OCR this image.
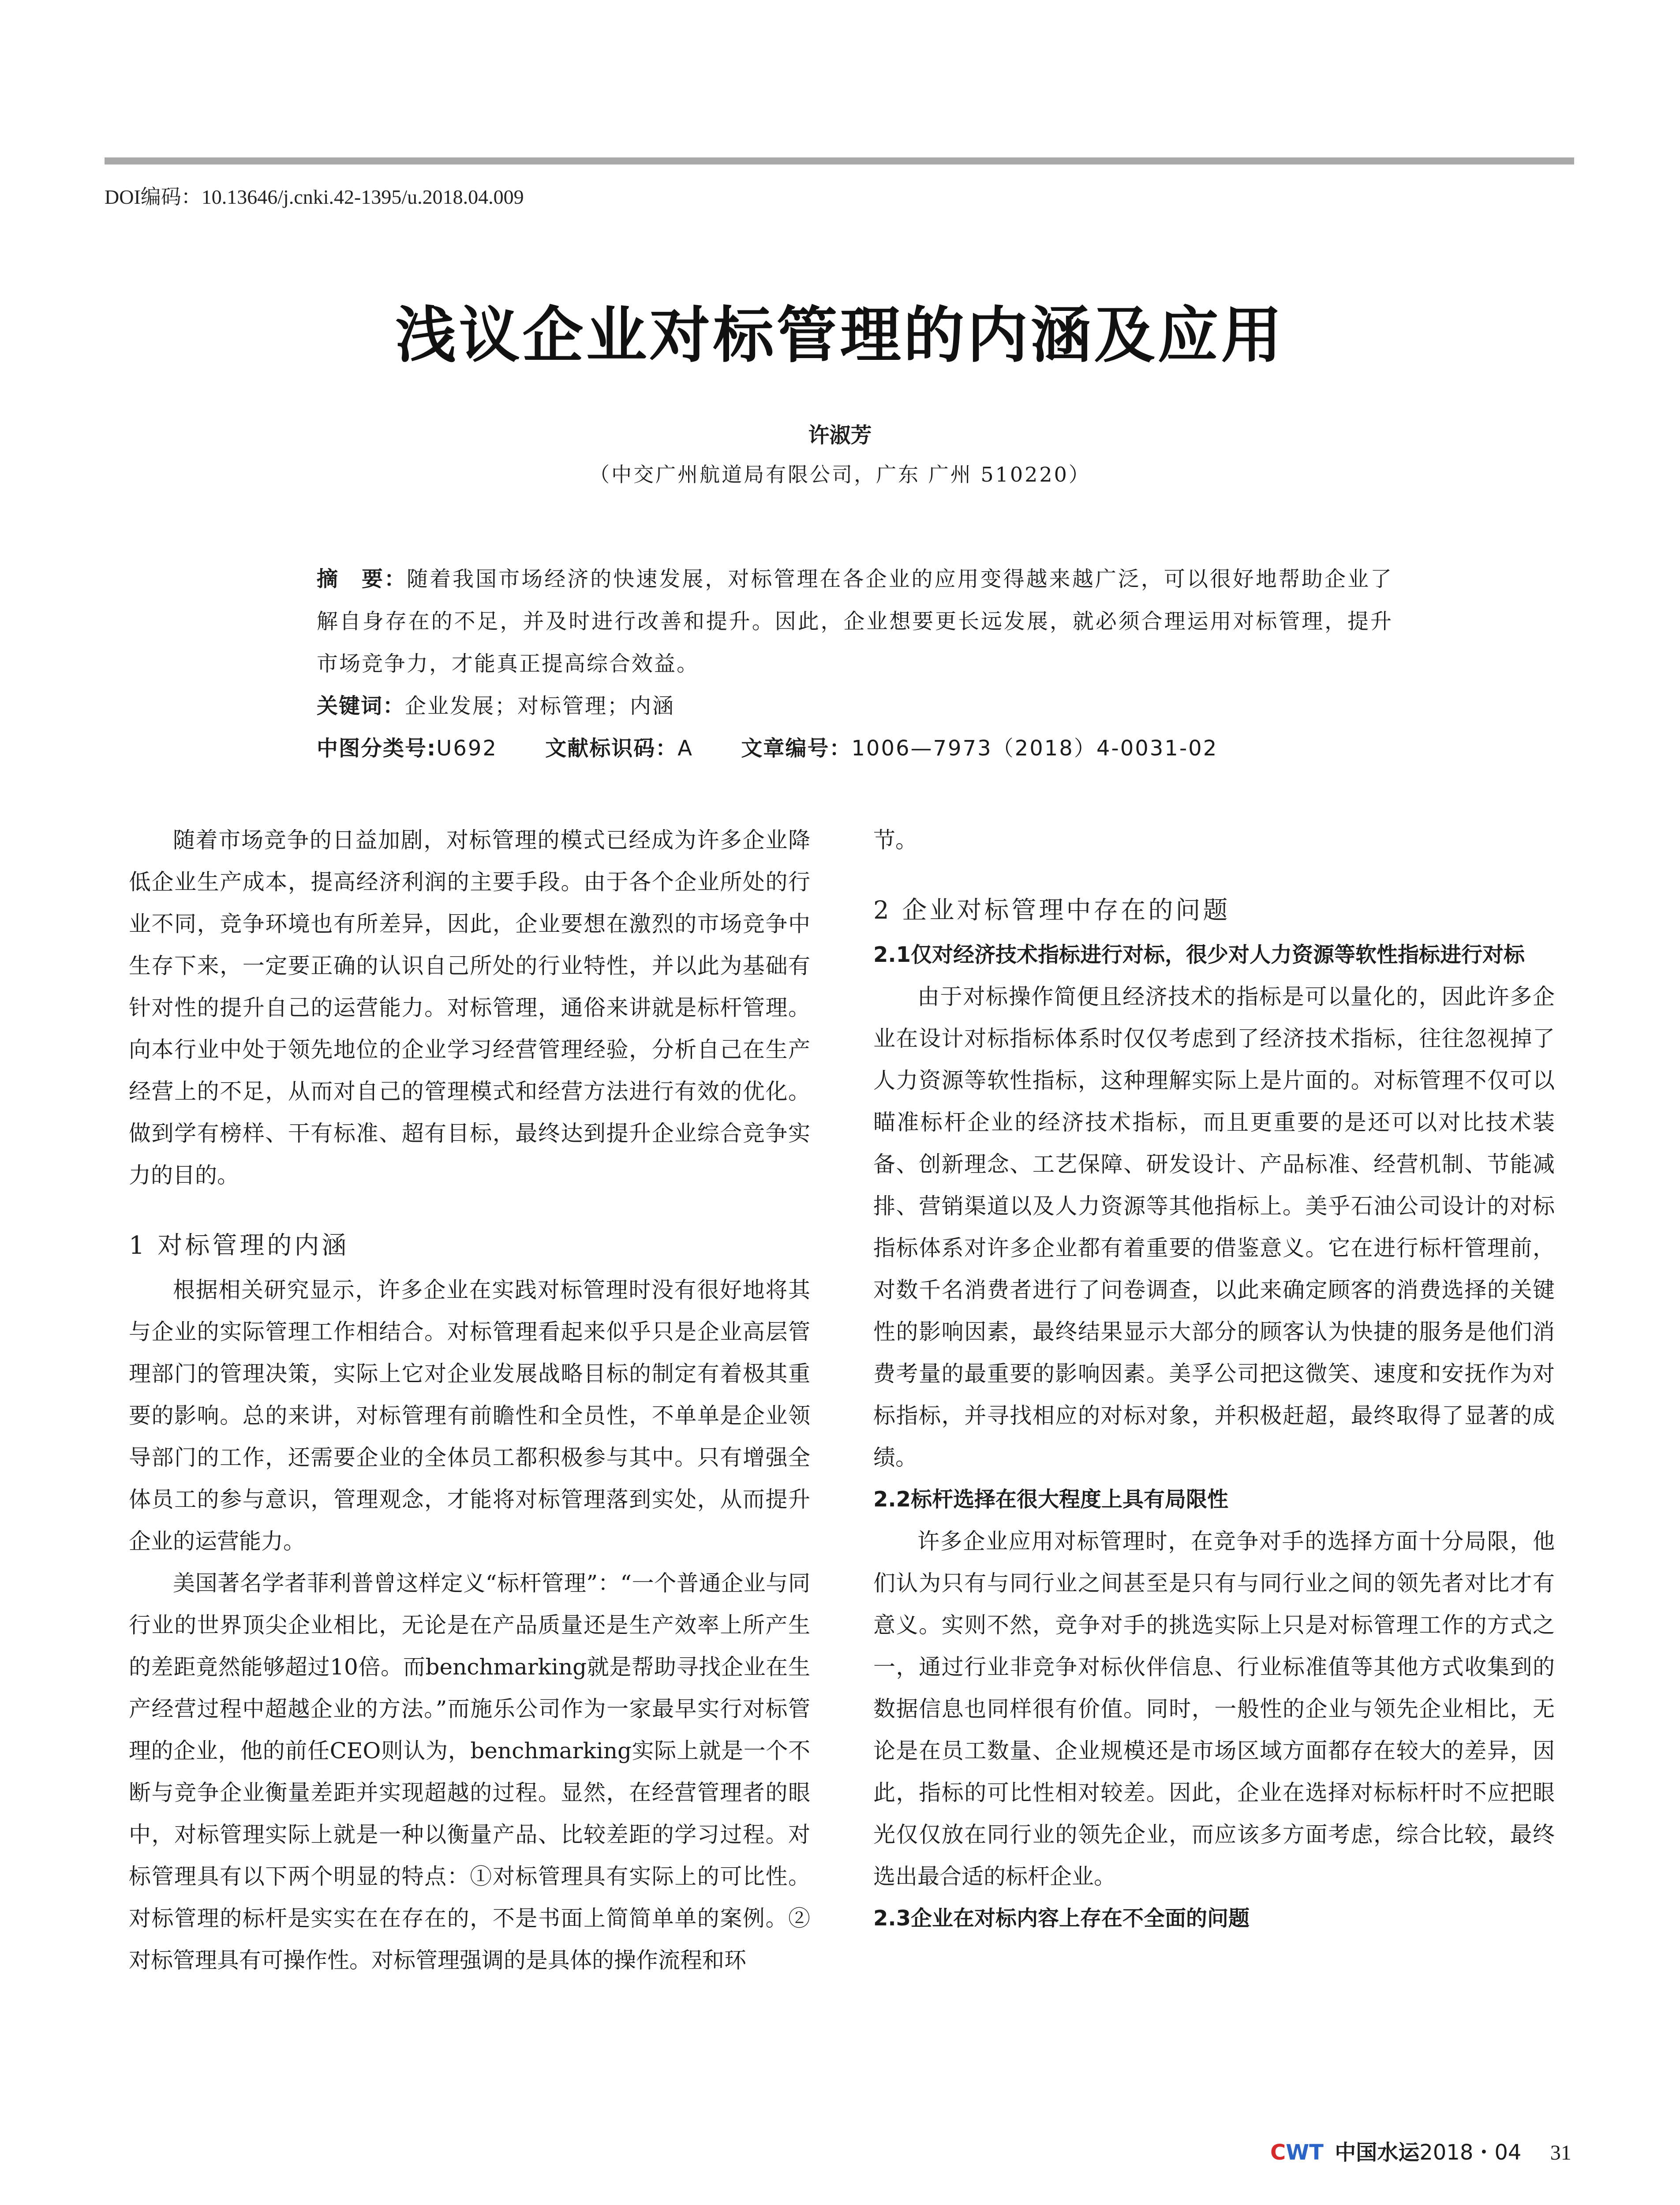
DOI编码：10.13646/j.cnki.42-1395/u.2018.04.009
浅议企业对标管理的内涵及应用
许淑芳
（中交广州航道局有限公司，广东 广州 510220）

摘　要：随着我国市场经济的快速发展，对标管理在各企业的应用变得越来越广泛，可以很好地帮助企业了解自身存在的不足，并及时进行改善和提升。因此，企业想要更长远发展，就必须合理运用对标管理，提升市场竞争力，才能真正提高综合效益。

关键词：企业发展；对标管理；内涵

中图分类号:U692 文献标识码：A 文章编号：1006—7973（2018）4-0031-02

随着市场竞争的日益加剧，对标管理的模式已经成为许多企业降低企业生产成本，提高经济利润的主要手段。由于各个企业所处的行业不同，竞争环境也有所差异，因此，企业要想在激烈的市场竞争中生存下来，一定要正确的认识自己所处的行业特性，并以此为基础有针对性的提升自己的运营能力。对标管理，通俗来讲就是标杆管理。向本行业中处于领先地位的企业学习经营管理经验，分析自己在生产经营上的不足，从而对自己的管理模式和经营方法进行有效的优化。做到学有榜样、干有标准、超有目标，最终达到提升企业综合竞争实力的目的。

1 对标管理的内涵

根据相关研究显示，许多企业在实践对标管理时没有很好地将其与企业的实际管理工作相结合。对标管理看起来似乎只是企业高层管理部门的管理决策，实际上它对企业发展战略目标的制定有着极其重要的影响。总的来讲，对标管理有前瞻性和全员性，不单单是企业领导部门的工作，还需要企业的全体员工都积极参与其中。只有增强全体员工的参与意识，管理观念，才能将对标管理落到实处，从而提升企业的运营能力。

美国著名学者菲利普曾这样定义“标杆管理”：“一个普通企业与同行业的世界顶尖企业相比，无论是在产品质量还是生产效率上所产生的差距竟然能够超过10倍。而benchmarking就是帮助寻找企业在生产经营过程中超越企业的方法。”而施乐公司作为一家最早实行对标管理的企业，他的前任CEO则认为，benchmarking实际上就是一个不断与竞争企业衡量差距并实现超越的过程。显然，在经营管理者的眼中，对标管理实际上就是一种以衡量产品、比较差距的学习过程。对标管理具有以下两个明显的特点：①对标管理具有实际上的可比性。对标管理的标杆是实实在在存在的，不是书面上简简单单的案例。②对标管理具有可操作性。对标管理强调的是具体的操作流程和环

节。

2 企业对标管理中存在的问题
2.1仅对经济技术指标进行对标，很少对人力资源等软性指标进行对标

由于对标操作简便且经济技术的指标是可以量化的，因此许多企业在设计对标指标体系时仅仅考虑到了经济技术指标，往往忽视掉了人力资源等软性指标，这种理解实际上是片面的。对标管理不仅可以瞄准标杆企业的经济技术指标，而且更重要的是还可以对比技术装备、创新理念、工艺保障、研发设计、产品标准、经营机制、节能减排、营销渠道以及人力资源等其他指标上。美乎石油公司设计的对标指标体系对许多企业都有着重要的借鉴意义。它在进行标杆管理前，对数千名消费者进行了问卷调查，以此来确定顾客的消费选择的关键性的影响因素，最终结果显示大部分的顾客认为快捷的服务是他们消费考量的最重要的影响因素。美孚公司把这微笑、速度和安抚作为对标指标，并寻找相应的对标对象，并积极赶超，最终取得了显著的成绩。

2.2标杆选择在很大程度上具有局限性

许多企业应用对标管理时，在竞争对手的选择方面十分局限，他们认为只有与同行业之间甚至是只有与同行业之间的领先者对比才有意义。实则不然，竞争对手的挑选实际上只是对标管理工作的方式之一，通过行业非竞争对标伙伴信息、行业标准值等其他方式收集到的数据信息也同样很有价值。同时，一般性的企业与领先企业相比，无论是在员工数量、企业规模还是市场区域方面都存在较大的差异，因此，指标的可比性相对较差。因此，企业在选择对标标杆时不应把眼光仅仅放在同行业的领先企业，而应该多方面考虑，综合比较，最终选出最合适的标杆企业。

2.3企业在对标内容上存在不全面的问题
CWT 中国水运2018・04 31
